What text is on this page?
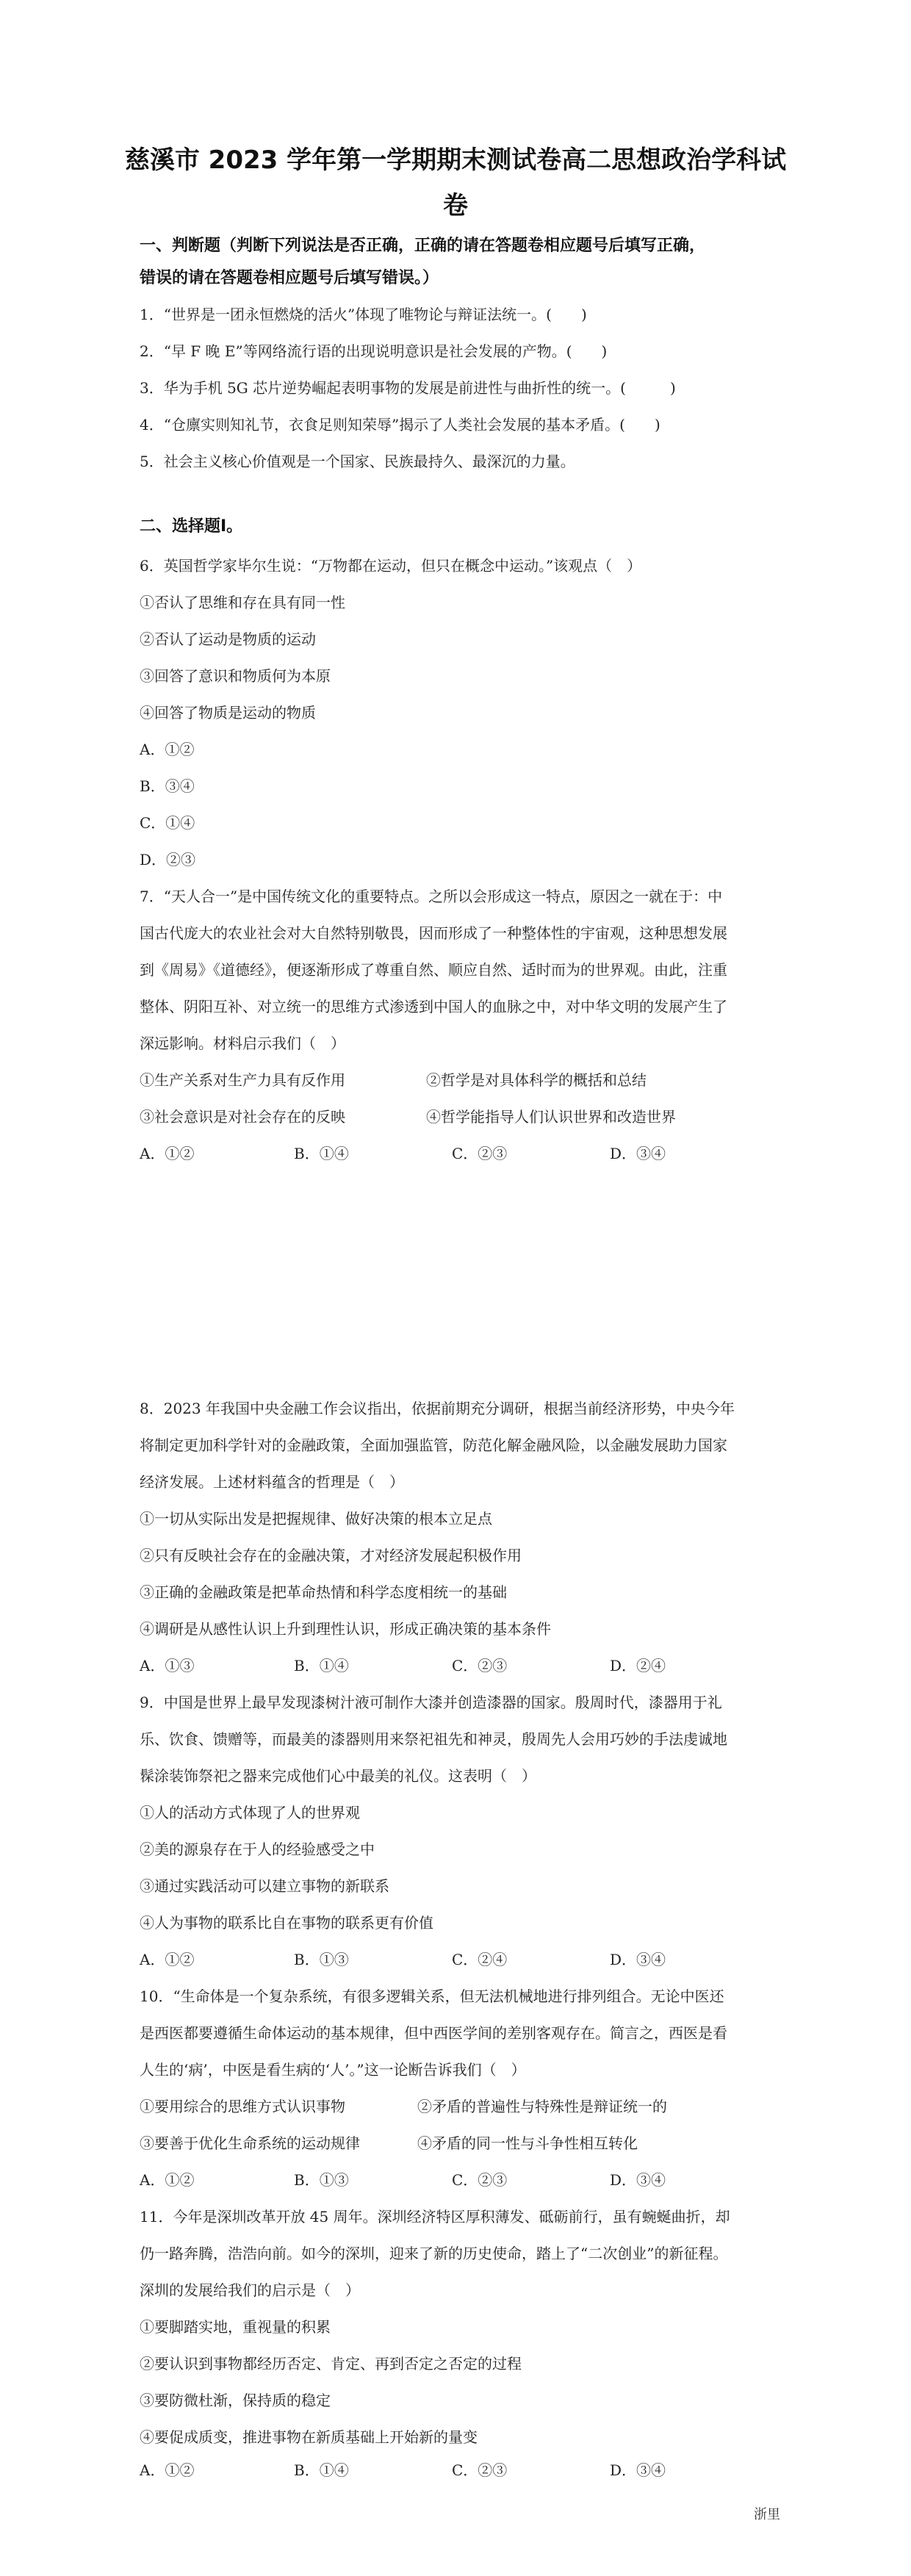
慈溪市 2023 学年第一学期期末测试卷高二思想政治学科试
卷

一、判断题（判断下列说法是否正确，正确的请在答题卷相应题号后填写正确，

错误的请在答题卷相应题号后填写错误。）

1．“世界是一团永恒燃烧的活火”体现了唯物论与辩证法统一。(　　)
2．“早 F 晚 E”等网络流行语的出现说明意识是社会发展的产物。(　　)
3．华为手机 5G 芯片逆势崛起表明事物的发展是前进性与曲折性的统一。(　　　)
4．“仓廪实则知礼节，衣食足则知荣辱”揭示了人类社会发展的基本矛盾。(　　)
5．社会主义核心价值观是一个国家、民族最持久、最深沉的力量。

二、选择题Ⅰ。

6．英国哲学家毕尔生说：“万物都在运动，但只在概念中运动。”该观点（　）
①否认了思维和存在具有同一性
②否认了运动是物质的运动
③回答了意识和物质何为本原
④回答了物质是运动的物质
A．①②
B．③④
C．①④
D．②③
7．“天人合一”是中国传统文化的重要特点。之所以会形成这一特点，原因之一就在于：中
国古代庞大的农业社会对大自然特别敬畏，因而形成了一种整体性的宇宙观，这种思想发展
到《周易》《道德经》，便逐渐形成了尊重自然、顺应自然、适时而为的世界观。由此，注重
整体、阴阳互补、对立统一的思维方式渗透到中国人的血脉之中，对中华文明的发展产生了
深远影响。材料启示我们（　）
①生产关系对生产力具有反作用	②哲学是对具体科学的概括和总结
③社会意识是对社会存在的反映	④哲学能指导人们认识世界和改造世界
A．①②	B．①④	C．②③	D．③④
8．2023 年我国中央金融工作会议指出，依据前期充分调研，根据当前经济形势，中央今年
将制定更加科学针对的金融政策，全面加强监管，防范化解金融风险，以金融发展助力国家
经济发展。上述材料蕴含的哲理是（　）
①一切从实际出发是把握规律、做好决策的根本立足点
②只有反映社会存在的金融决策，才对经济发展起积极作用
③正确的金融政策是把革命热情和科学态度相统一的基础
④调研是从感性认识上升到理性认识，形成正确决策的基本条件
A．①③	B．①④	C．②③	D．②④
9．中国是世界上最早发现漆树汁液可制作大漆并创造漆器的国家。殷周时代，漆器用于礼
乐、饮食、馈赠等，而最美的漆器则用来祭祀祖先和神灵，殷周先人会用巧妙的手法虔诚地
髹涂装饰祭祀之器来完成他们心中最美的礼仪。这表明（　）
①人的活动方式体现了人的世界观
②美的源泉存在于人的经验感受之中
③通过实践活动可以建立事物的新联系
④人为事物的联系比自在事物的联系更有价值
A．①②	B．①③	C．②④	D．③④
10．“生命体是一个复杂系统，有很多逻辑关系，但无法机械地进行排列组合。无论中医还
是西医都要遵循生命体运动的基本规律，但中西医学间的差别客观存在。简言之，西医是看
人生的‘病’，中医是看生病的‘人’。”这一论断告诉我们（　）
①要用综合的思维方式认识事物	②矛盾的普遍性与特殊性是辩证统一的
③要善于优化生命系统的运动规律	④矛盾的同一性与斗争性相互转化
A．①②	B．①③	C．②③	D．③④
11．今年是深圳改革开放 45 周年。深圳经济特区厚积薄发、砥砺前行，虽有蜿蜒曲折，却
仍一路奔腾，浩浩向前。如今的深圳，迎来了新的历史使命，踏上了“二次创业”的新征程。
深圳的发展给我们的启示是（　）
①要脚踏实地，重视量的积累
②要认识到事物都经历否定、肯定、再到否定之否定的过程
③要防微杜渐，保持质的稳定
④要促成质变，推进事物在新质基础上开始新的量变
A．①②	B．①④	C．②③	D．③④
浙里
